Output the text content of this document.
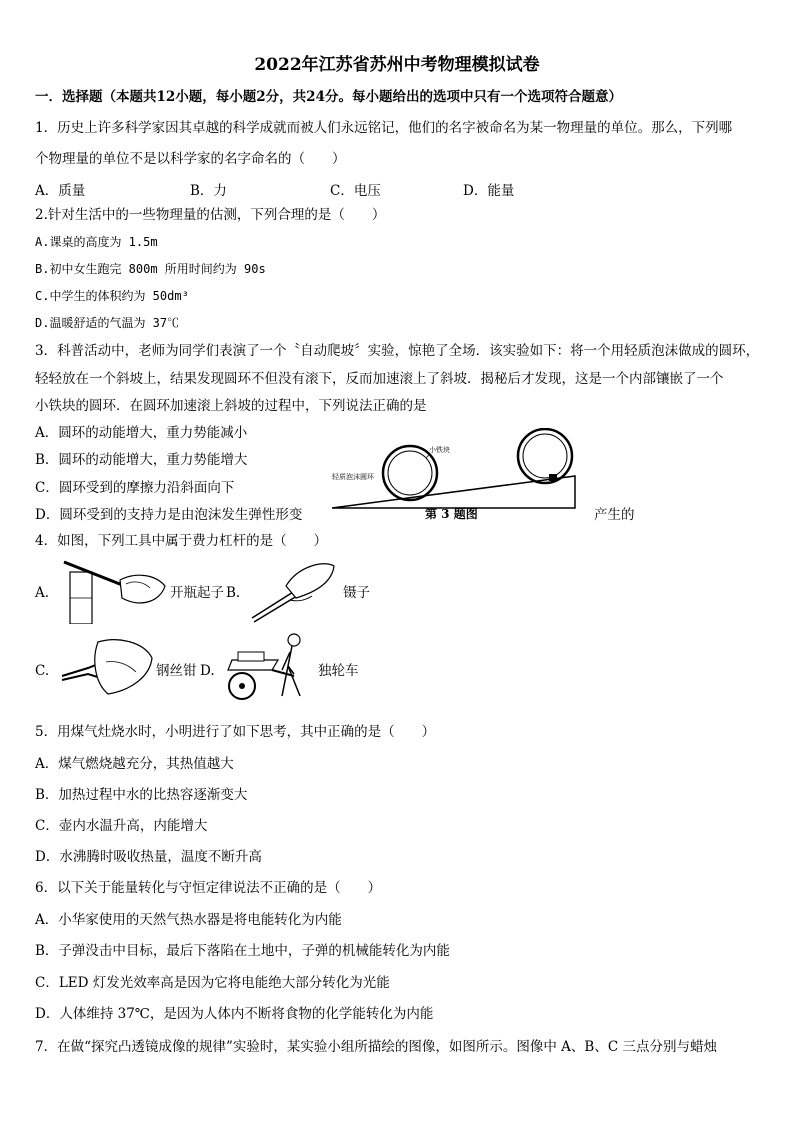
2022年江苏省苏州中考物理模拟试卷
一．选择题（本题共12小题，每小题2分，共24分。每小题给出的选项中只有一个选项符合题意）
1．历史上许多科学家因其卓越的科学成就而被人们永远铭记，他们的名字被命名为某一物理量的单位。那么，下列哪
个物理量的单位不是以科学家的名字命名的（　　）
A．质量	B．力	C．电压	D．能量
2.针对生活中的一些物理量的估测，下列合理的是（　　）
A.课桌的高度为 1.5m
B.初中女生跑完 800m 所用时间约为 90s
C.中学生的体积约为 50dm³
D.温暖舒适的气温为 37℃
3．科普活动中，老师为同学们表演了一个〝自动爬坡〞实验，惊艳了全场．该实验如下：将一个用轻质泡沫做成的圆环，
轻轻放在一个斜坡上，结果发现圆环不但没有滚下，反而加速滚上了斜坡．揭秘后才发现，这是一个内部镶嵌了一个
小铁块的圆环．在圆环加速滚上斜坡的过程中，下列说法正确的是
A．圆环的动能增大，重力势能减小
B．圆环的动能增大，重力势能增大
C．圆环受到的摩擦力沿斜面向下
D．圆环受到的支持力是由泡沫发生弹性形变	产生的
轻质泡沫圆环
小铁块
第 3 题图
4．如图，下列工具中属于费力杠杆的是（　　）
A.	开瓶起子 B.	镊子
C.	钢丝钳 D.	独轮车
5．用煤气灶烧水时，小明进行了如下思考，其中正确的是（　　）
A．煤气燃烧越充分，其热值越大
B．加热过程中水的比热容逐渐变大
C．壶内水温升高，内能增大
D．水沸腾时吸收热量，温度不断升高
6．以下关于能量转化与守恒定律说法不正确的是（　　）
A．小华家使用的天然气热水器是将电能转化为内能
B．子弹没击中目标，最后下落陷在土地中，子弹的机械能转化为内能
C．LED 灯发光效率高是因为它将电能绝大部分转化为光能
D．人体维持 37℃，是因为人体内不断将食物的化学能转化为内能
7．在做“探究凸透镜成像的规律”实验时，某实验小组所描绘的图像，如图所示。图像中 A、B、C 三点分别与蜡烛
